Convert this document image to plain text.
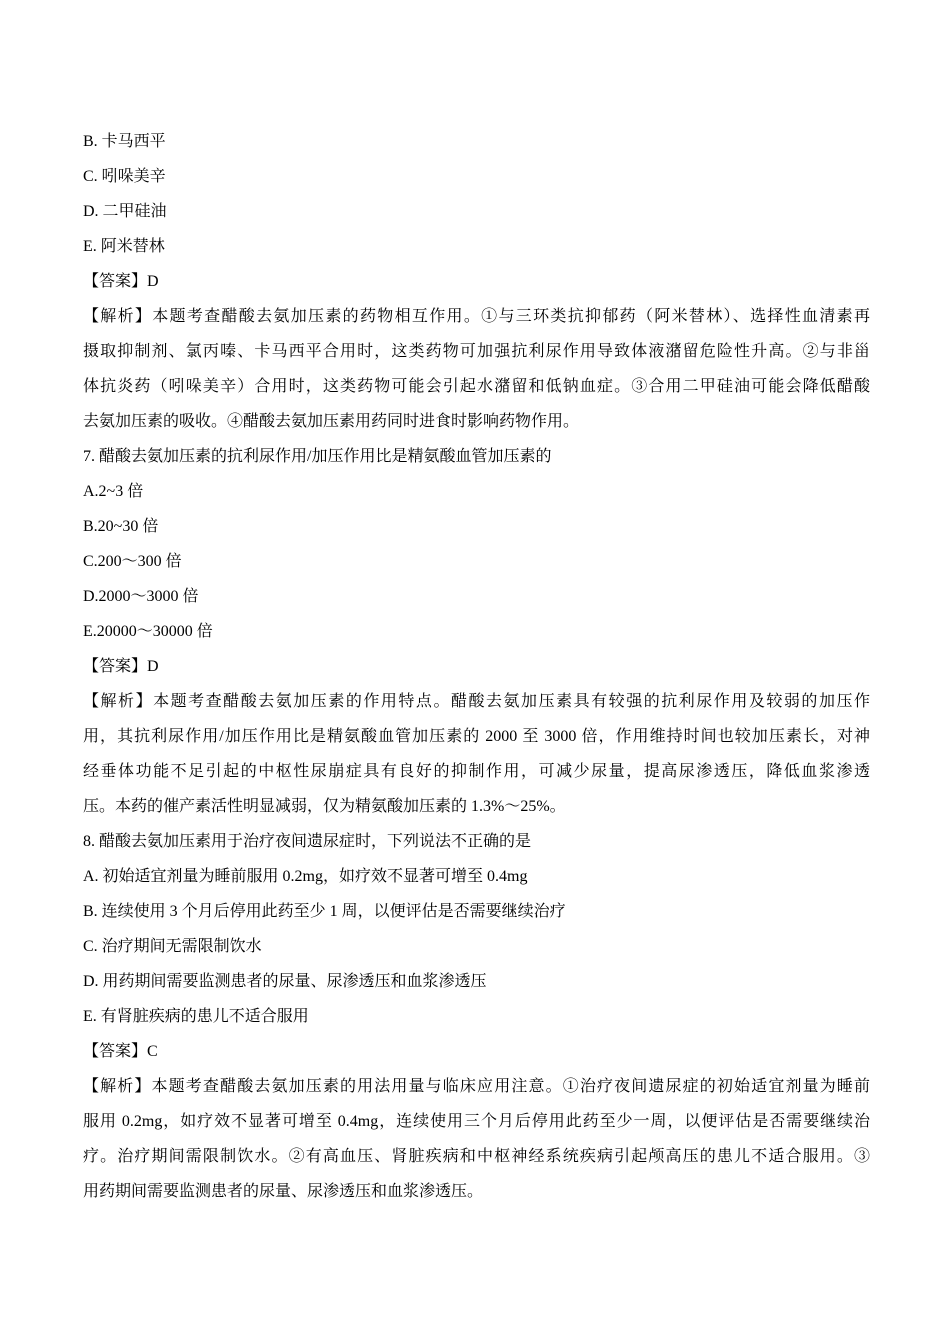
B. 卡马西平
C. 吲哚美辛
D. 二甲硅油
E. 阿米替林
【答案】D
【解析】本题考查醋酸去氨加压素的药物相互作用。①与三环类抗抑郁药（阿米替林）、选择性血清素再
摄取抑制剂、氯丙嗪、卡马西平合用时，这类药物可加强抗利尿作用导致体液潴留危险性升高。②与非甾
体抗炎药（吲哚美辛）合用时，这类药物可能会引起水潴留和低钠血症。③合用二甲硅油可能会降低醋酸
去氨加压素的吸收。④醋酸去氨加压素用药同时进食时影响药物作用。
7. 醋酸去氨加压素的抗利尿作用/加压作用比是精氨酸血管加压素的
A.2~3 倍
B.20~30 倍
C.200～300 倍
D.2000～3000 倍
E.20000～30000 倍
【答案】D
【解析】本题考查醋酸去氨加压素的作用特点。醋酸去氨加压素具有较强的抗利尿作用及较弱的加压作
用，其抗利尿作用/加压作用比是精氨酸血管加压素的 2000 至 3000 倍，作用维持时间也较加压素长，对神
经垂体功能不足引起的中枢性尿崩症具有良好的抑制作用，可减少尿量，提高尿渗透压，降低血浆渗透
压。本药的催产素活性明显减弱，仅为精氨酸加压素的 1.3%～25%。
8. 醋酸去氨加压素用于治疗夜间遗尿症时，下列说法不正确的是
A. 初始适宜剂量为睡前服用 0.2mg，如疗效不显著可增至 0.4mg
B. 连续使用 3 个月后停用此药至少 1 周，以便评估是否需要继续治疗
C. 治疗期间无需限制饮水
D. 用药期间需要监测患者的尿量、尿渗透压和血浆渗透压
E. 有肾脏疾病的患儿不适合服用
【答案】C
【解析】本题考查醋酸去氨加压素的用法用量与临床应用注意。①治疗夜间遗尿症的初始适宜剂量为睡前
服用 0.2mg，如疗效不显著可增至 0.4mg，连续使用三个月后停用此药至少一周，以便评估是否需要继续治
疗。治疗期间需限制饮水。②有高血压、肾脏疾病和中枢神经系统疾病引起颅高压的患儿不适合服用。③
用药期间需要监测患者的尿量、尿渗透压和血浆渗透压。
